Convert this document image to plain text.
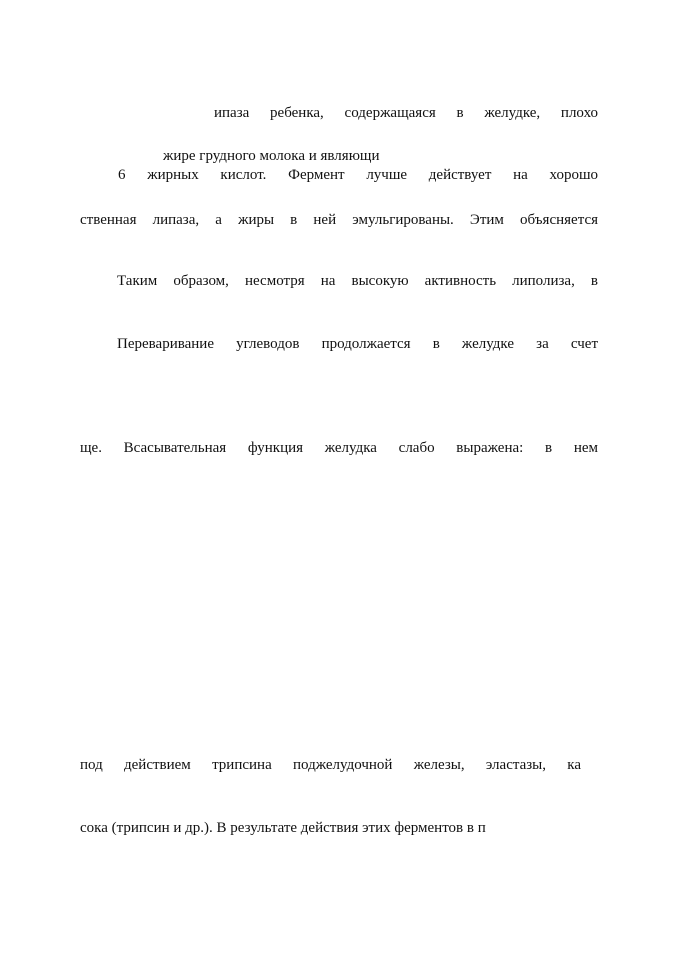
ипаза ребенка, содержащаяся в желудке, плохо
жире грудного молока и являющи
6 жирных кислот. Фермент лучше действует на хорошо
ственная липаза, а жиры в ней эмульгированы. Этим объясняется
Таким образом, несмотря на высокую активность липолиза, в
Переваривание углеводов продолжается в желудке за счет
ще. Всасывательная функция желудка слабо выражена: в нем
под действием трипсина поджелудочной железы, эластазы, ка
сока (трипсин и др.). В результате действия этих ферментов в п
